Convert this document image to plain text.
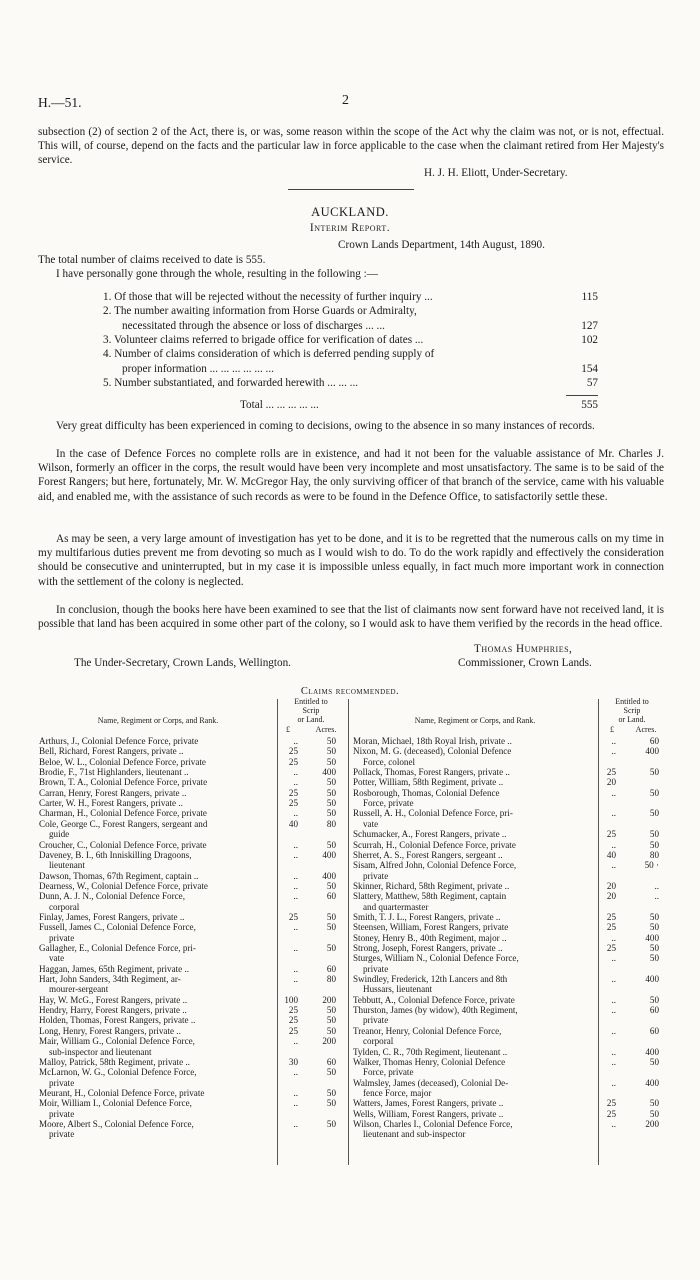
H.—51.	2
subsection (2) of section 2 of the Act, there is, or was, some reason within the scope of the Act why the claim was not, or is not, effectual. This will, of course, depend on the facts and the particular law in force applicable to the case when the claimant retired from Her Majesty's service.
H. J. H. Eliott, Under-Secretary.
AUCKLAND.
Interim Report.
Crown Lands Department, 14th August, 1890.
The total number of claims received to date is 555.
I have personally gone through the whole, resulting in the following :—
1. Of those that will be rejected without the necessity of further inquiry ...	115
2. The number awaiting information from Horse Guards or Admiralty,
necessitated through the absence or loss of discharges ... ...	127
3. Volunteer claims referred to brigade office for verification of dates ...	102
4. Number of claims consideration of which is deferred pending supply of
proper information ... ... ... ... ... ...	154
5. Number substantiated, and forwarded herewith ... ... ...	57
Total ... ... ... ... ...	555
Very great difficulty has been experienced in coming to decisions, owing to the absence in so many instances of records.
In the case of Defence Forces no complete rolls are in existence, and had it not been for the valuable assistance of Mr. Charles J. Wilson, formerly an officer in the corps, the result would have been very incomplete and most unsatisfactory. The same is to be said of the Forest Rangers; but here, fortunately, Mr. W. McGregor Hay, the only surviving officer of that branch of the service, came with his valuable aid, and enabled me, with the assistance of such records as were to be found in the Defence Office, to satisfactorily settle these.
As may be seen, a very large amount of investigation has yet to be done, and it is to be regretted that the numerous calls on my time in my multifarious duties prevent me from devoting so much as I would wish to do. To do the work rapidly and effectively the consideration should be consecutive and uninterrupted, but in my case it is impossible unless equally, in fact much more important work in connection with the settlement of the colony is neglected.
In conclusion, though the books here have been examined to see that the list of claimants now sent forward have not received land, it is possible that land has been acquired in some other part of the colony, so I would ask to have them verified by the records in the head office.
Thomas Humphries,
Commissioner, Crown Lands.
The Under-Secretary, Crown Lands, Wellington.
Claims recommended.
Name, Regiment or Corps, and Rank.
Entitled to
Scrip
or Land.
£	Acres.
Name, Regiment or Corps, and Rank.
Entitled to
Scrip
or Land.
£	Acres.
Arthurs, J., Colonial Defence Force, private	..	50
Bell, Richard, Forest Rangers, private ..	25	50
Beloe, W. L., Colonial Defence Force, private	25	50
Brodie, F., 71st Highlanders, lieutenant ..	..	400
Brown, T. A., Colonial Defence Force, private	..	50
Carran, Henry, Forest Rangers, private ..	25	50
Carter, W. H., Forest Rangers, private ..	25	50
Charman, H., Colonial Defence Force, private	..	50
Cole, George C., Forest Rangers, sergeant and	40	80
guide
Croucher, C., Colonial Defence Force, private	..	50
Daveney, B. I., 6th Inniskilling Dragoons,	..	400
lieutenant
Dawson, Thomas, 67th Regiment, captain ..	..	400
Dearness, W., Colonial Defence Force, private	..	50
Dunn, A. J. N., Colonial Defence Force,	..	60
corporal
Finlay, James, Forest Rangers, private ..	25	50
Fussell, James C., Colonial Defence Force,	..	50
private
Gallagher, E., Colonial Defence Force, pri-	..	50
vate
Haggan, James, 65th Regiment, private ..	..	60
Hart, John Sanders, 34th Regiment, ar-	..	80
mourer-sergeant
Hay, W. McG., Forest Rangers, private ..	100	200
Hendry, Harry, Forest Rangers, private ..	25	50
Holden, Thomas, Forest Rangers, private ..	25	50
Long, Henry, Forest Rangers, private ..	25	50
Mair, William G., Colonial Defence Force,	..	200
sub-inspector and lieutenant
Malloy, Patrick, 58th Regiment, private ..	30	60
McLarnon, W. G., Colonial Defence Force,	..	50
private
Meurant, H., Colonial Defence Force, private	..	50
Moir, William I., Colonial Defence Force,	..	50
private
Moore, Albert S., Colonial Defence Force,	..	50
private
Moran, Michael, 18th Royal Irish, private ..	..	60
Nixon, M. G. (deceased), Colonial Defence	..	400
Force, colonel
Pollack, Thomas, Forest Rangers, private ..	25	50
Potter, William, 58th Regiment, private ..	20
Rosborough, Thomas, Colonial Defence	..	50
Force, private
Russell, A. H., Colonial Defence Force, pri-	..	50
vate
Schumacker, A., Forest Rangers, private ..	25	50
Scurrah, H., Colonial Defence Force, private	..	50
Sherret, A. S., Forest Rangers, sergeant ..	40	80
Sisam, Alfred John, Colonial Defence Force,	..	50 ·
private
Skinner, Richard, 58th Regiment, private ..	20	..
Slattery, Matthew, 58th Regiment, captain	20	..
and quartermaster
Smith, T. J. L., Forest Rangers, private ..	25	50
Steensen, William, Forest Rangers, private	25	50
Stoney, Henry B., 40th Regiment, major ..	..	400
Strong, Joseph, Forest Rangers, private ..	25	50
Sturges, William N., Colonial Defence Force,	..	50
private
Swindley, Frederick, 12th Lancers and 8th	..	400
Hussars, lieutenant
Tebbutt, A., Colonial Defence Force, private	..	50
Thurston, James (by widow), 40th Regiment,	..	60
private
Treanor, Henry, Colonial Defence Force,	..	60
corporal
Tylden, C. R., 70th Regiment, lieutenant ..	..	400
Walker, Thomas Henry, Colonial Defence	..	50
Force, private
Walmsley, James (deceased), Colonial De-	..	400
fence Force, major
Watters, James, Forest Rangers, private ..	25	50
Wells, William, Forest Rangers, private ..	25	50
Wilson, Charles I., Colonial Defence Force,	..	200
lieutenant and sub-inspector
